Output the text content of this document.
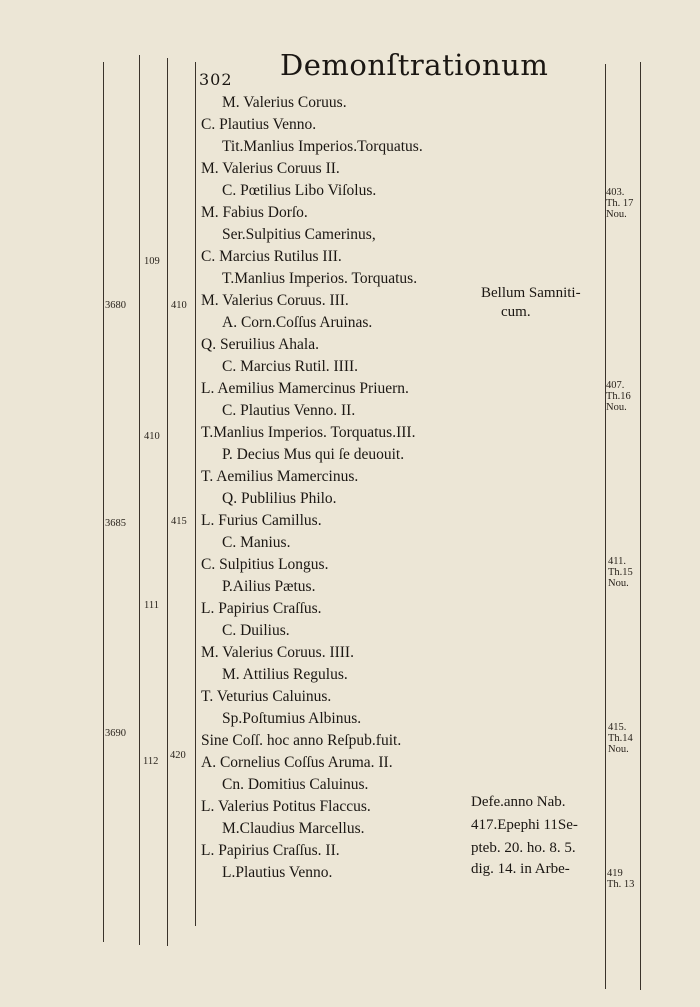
302 Demonſtrationum
M. Valerius Coruus.
C. Plautius Venno.
Tit.Manlius Imperios.Torquatus.
M. Valerius Coruus II.
C. Pœtilius Libo Viſolus.
M. Fabius Dorſo.
Ser.Sulpitius Camerinus,
C. Marcius Rutilus III.
T.Manlius Imperios. Torquatus.
M. Valerius Coruus. III.
A. Corn.Coſſus Aruinas.
Q. Seruilius Ahala.
C. Marcius Rutil. IIII.
L. Aemilius Mamercinus Priuern.
C. Plautius Venno. II.
T.Manlius Imperios. Torquatus.III.
P. Decius Mus qui ſe deuouit.
T. Aemilius Mamercinus.
Q. Publilius Philo.
L. Furius Camillus.
C. Manius.
C. Sulpitius Longus.
P.Ailius Pætus.
L. Papirius Craſſus.
C. Duilius.
M. Valerius Coruus. IIII.
M. Attilius Regulus.
T. Veturius Caluinus.
Sp.Poſtumius Albinus.
Sine Coſſ. hoc anno Reſpub.fuit.
A. Cornelius Coſſus Aruma. II.
Cn. Domitius Caluinus.
L. Valerius Potitus Flaccus.
M.Claudius Marcellus.
L. Papirius Craſſus. II.
L.Plautius Venno.
3680
3685
3690
109
410
111
112
410
415
420
Bellum Samniti-
cum.
Defe.anno Nab.
417.Epephi 11Se-
pteb. 20. ho. 8. 5.
dig. 14. in Arbe-
403.
Th. 17
Nou.
407.
Th.16
Nou.
411.
Th.15
Nou.
415.
Th.14
Nou.
419
Th. 13
